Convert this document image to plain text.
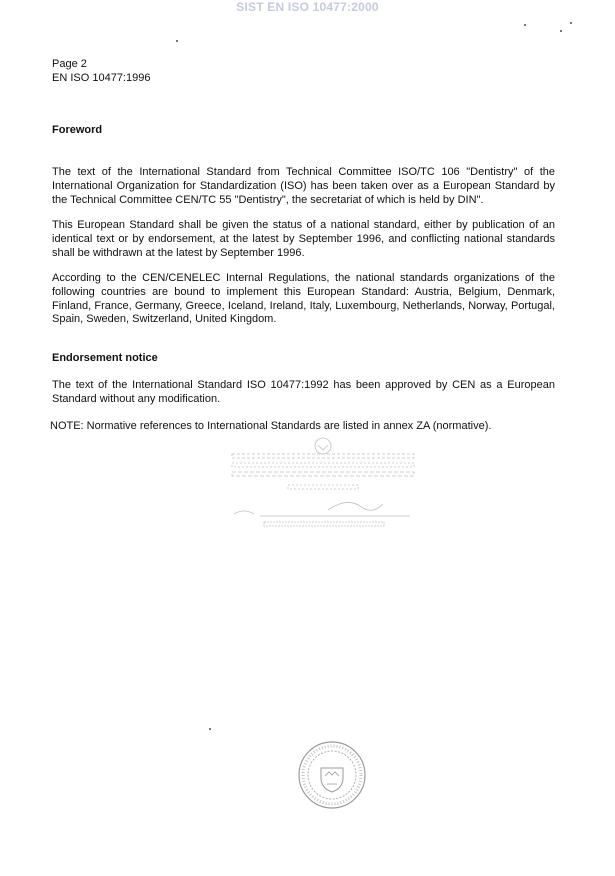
SIST EN ISO 10477:2000
Page 2
EN ISO 10477:1996
Foreword
The text of the International Standard from Technical Committee ISO/TC 106 "Dentistry" of the International Organization for Standardization (ISO) has been taken over as a European Standard by the Technical Committee CEN/TC 55 "Dentistry", the secretariat of which is held by DIN".
This European Standard shall be given the status of a national standard, either by publication of an identical text or by endorsement, at the latest by September 1996, and conflicting national standards shall be withdrawn at the latest by September 1996.
According to the CEN/CENELEC Internal Regulations, the national standards organizations of the following countries are bound to implement this European Standard: Austria, Belgium, Denmark, Finland, France, Germany, Greece, Iceland, Ireland, Italy, Luxembourg, Netherlands, Norway, Portugal, Spain, Sweden, Switzerland, United Kingdom.
Endorsement notice
The text of the International Standard ISO 10477:1992 has been approved by CEN as a European Standard without any modification.
NOTE: Normative references to International Standards are listed in annex ZA (normative).
